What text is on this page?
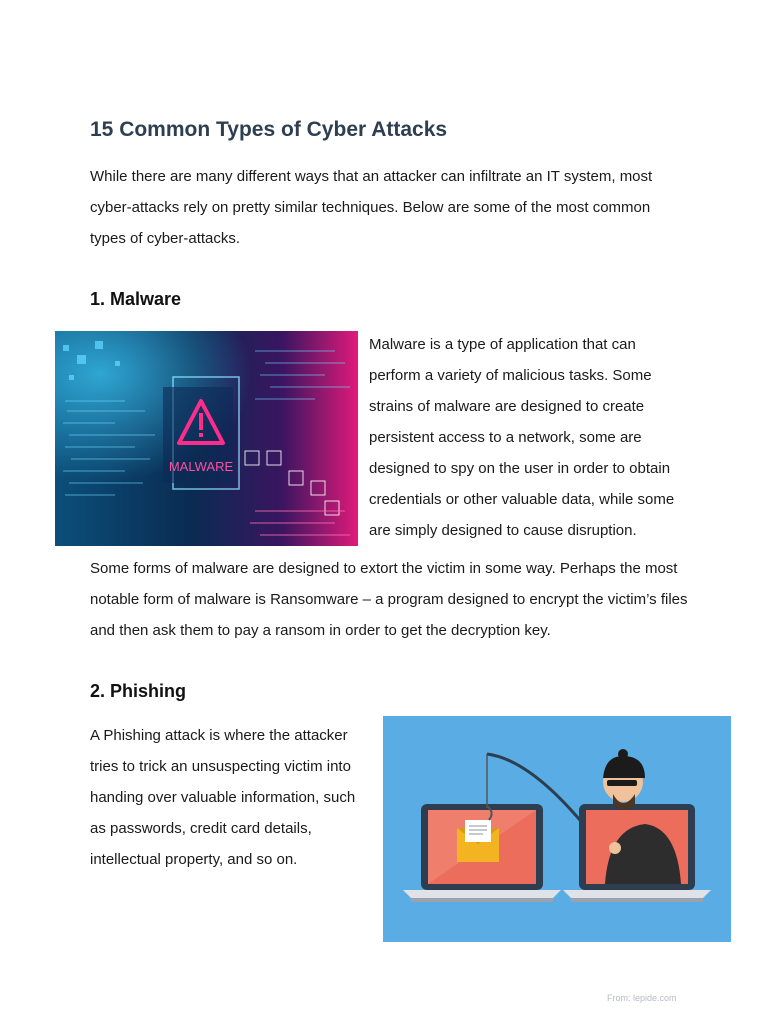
15 Common Types of Cyber Attacks

While there are many different ways that an attacker can infiltrate an IT system, most cyber-attacks rely on pretty similar techniques. Below are some of the most common types of cyber-attacks.

1. Malware
MALWARE

Malware is a type of application that can perform a variety of malicious tasks. Some strains of malware are designed to create persistent access to a network, some are designed to spy on the user in order to obtain credentials or other valuable data, while some are simply designed to cause disruption.

Some forms of malware are designed to extort the victim in some way. Perhaps the most notable form of malware is Ransomware – a program designed to encrypt the victim’s files and then ask them to pay a ransom in order to get the decryption key.

2. Phishing

A Phishing attack is where the attacker tries to trick an unsuspecting victim into handing over valuable information, such as passwords, credit card details, intellectual property, and so on.

From: lepide.com
